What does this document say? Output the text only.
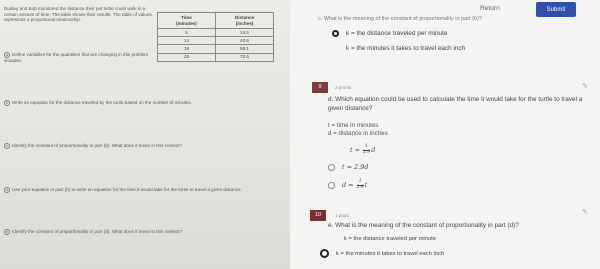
Dudley and Bob monitored the distance their pet turtle could walk in a certain amount of time. The table shows their results. The table of values represents a proportional relationship.	Time
(minutes)	Distance
(inches)
5	14.5
14	40.6
19	55.1
25	72.5
a Define variables for the quantities that are changing in this problem situation.
b Write an equation for the distance traveled by the turtle based on the number of minutes.
c Identify the constant of proportionality in part (b). What does it mean in this context?
d Use your equation in part (b) to write an equation for the time it would take for the turtle to travel a given distance.
e Identify the constant of proportionality in part (d). What does it mean in this context?
Return	Submit
c. What is the meaning of the constant of proportionality in part (b)?
k = the distance traveled per minute
k = the minutes it takes to travel each inch
9	2 points	✎
d. Which equation could be used to calculate the time it would take for the turtle to travel a given distance?
t = time in minutes
d = distance in inches
$t = \frac{1}{2.9}$ d
t = 2.9d
$d = \frac{1}{2.9}$ t
10	1 point	✎
e. What is the meaning of the constant of proportionality in part (d)?
k = the distance traveled per minute
k = the minutes it takes to travel each inch
